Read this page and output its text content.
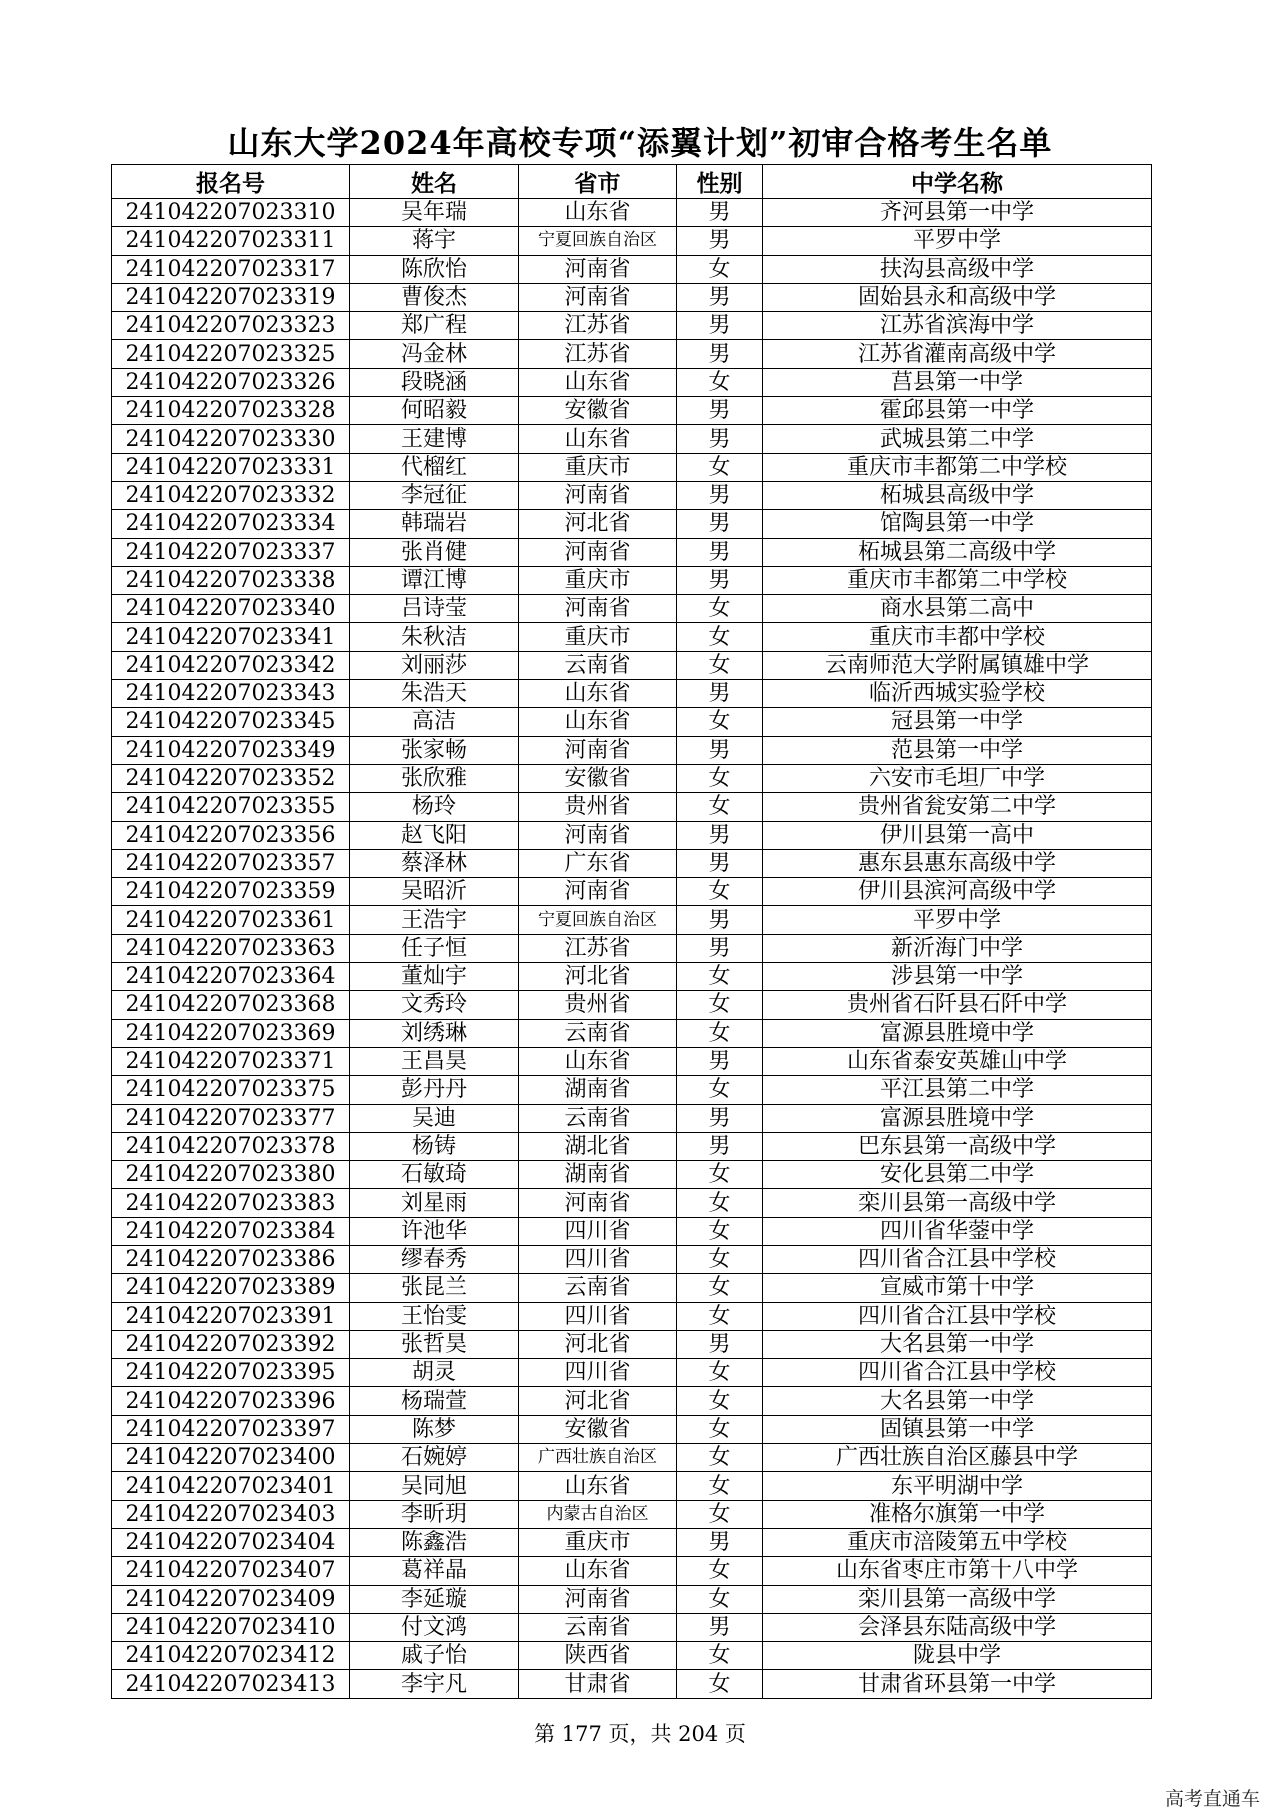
山东大学2024年高校专项“添翼计划”初审合格考生名单
报名号	姓名	省市	性别	中学名称
241042207023310	吴年瑞	山东省	男	齐河县第一中学
241042207023311	蒋宇	宁夏回族自治区	男	平罗中学
241042207023317	陈欣怡	河南省	女	扶沟县高级中学
241042207023319	曹俊杰	河南省	男	固始县永和高级中学
241042207023323	郑广程	江苏省	男	江苏省滨海中学
241042207023325	冯金林	江苏省	男	江苏省灌南高级中学
241042207023326	段晓涵	山东省	女	莒县第一中学
241042207023328	何昭毅	安徽省	男	霍邱县第一中学
241042207023330	王建博	山东省	男	武城县第二中学
241042207023331	代榴红	重庆市	女	重庆市丰都第二中学校
241042207023332	李冠征	河南省	男	柘城县高级中学
241042207023334	韩瑞岩	河北省	男	馆陶县第一中学
241042207023337	张肖健	河南省	男	柘城县第二高级中学
241042207023338	谭江博	重庆市	男	重庆市丰都第二中学校
241042207023340	吕诗莹	河南省	女	商水县第二高中
241042207023341	朱秋洁	重庆市	女	重庆市丰都中学校
241042207023342	刘丽莎	云南省	女	云南师范大学附属镇雄中学
241042207023343	朱浩天	山东省	男	临沂西城实验学校
241042207023345	高洁	山东省	女	冠县第一中学
241042207023349	张家畅	河南省	男	范县第一中学
241042207023352	张欣雅	安徽省	女	六安市毛坦厂中学
241042207023355	杨玲	贵州省	女	贵州省瓮安第二中学
241042207023356	赵飞阳	河南省	男	伊川县第一高中
241042207023357	蔡泽林	广东省	男	惠东县惠东高级中学
241042207023359	吴昭沂	河南省	女	伊川县滨河高级中学
241042207023361	王浩宇	宁夏回族自治区	男	平罗中学
241042207023363	任子恒	江苏省	男	新沂海门中学
241042207023364	董灿宇	河北省	女	涉县第一中学
241042207023368	文秀玲	贵州省	女	贵州省石阡县石阡中学
241042207023369	刘绣琳	云南省	女	富源县胜境中学
241042207023371	王昌昊	山东省	男	山东省泰安英雄山中学
241042207023375	彭丹丹	湖南省	女	平江县第二中学
241042207023377	吴迪	云南省	男	富源县胜境中学
241042207023378	杨铸	湖北省	男	巴东县第一高级中学
241042207023380	石敏琦	湖南省	女	安化县第二中学
241042207023383	刘星雨	河南省	女	栾川县第一高级中学
241042207023384	许池华	四川省	女	四川省华蓥中学
241042207023386	缪春秀	四川省	女	四川省合江县中学校
241042207023389	张昆兰	云南省	女	宣威市第十中学
241042207023391	王怡雯	四川省	女	四川省合江县中学校
241042207023392	张哲昊	河北省	男	大名县第一中学
241042207023395	胡灵	四川省	女	四川省合江县中学校
241042207023396	杨瑞萱	河北省	女	大名县第一中学
241042207023397	陈梦	安徽省	女	固镇县第一中学
241042207023400	石婉婷	广西壮族自治区	女	广西壮族自治区藤县中学
241042207023401	吴同旭	山东省	女	东平明湖中学
241042207023403	李昕玥	内蒙古自治区	女	准格尔旗第一中学
241042207023404	陈鑫浩	重庆市	男	重庆市涪陵第五中学校
241042207023407	葛祥晶	山东省	女	山东省枣庄市第十八中学
241042207023409	李延璇	河南省	女	栾川县第一高级中学
241042207023410	付文鸿	云南省	男	会泽县东陆高级中学
241042207023412	戚子怡	陕西省	女	陇县中学
241042207023413	李宇凡	甘肃省	女	甘肃省环县第一中学
第 177 页，共 204 页
高考直通车
